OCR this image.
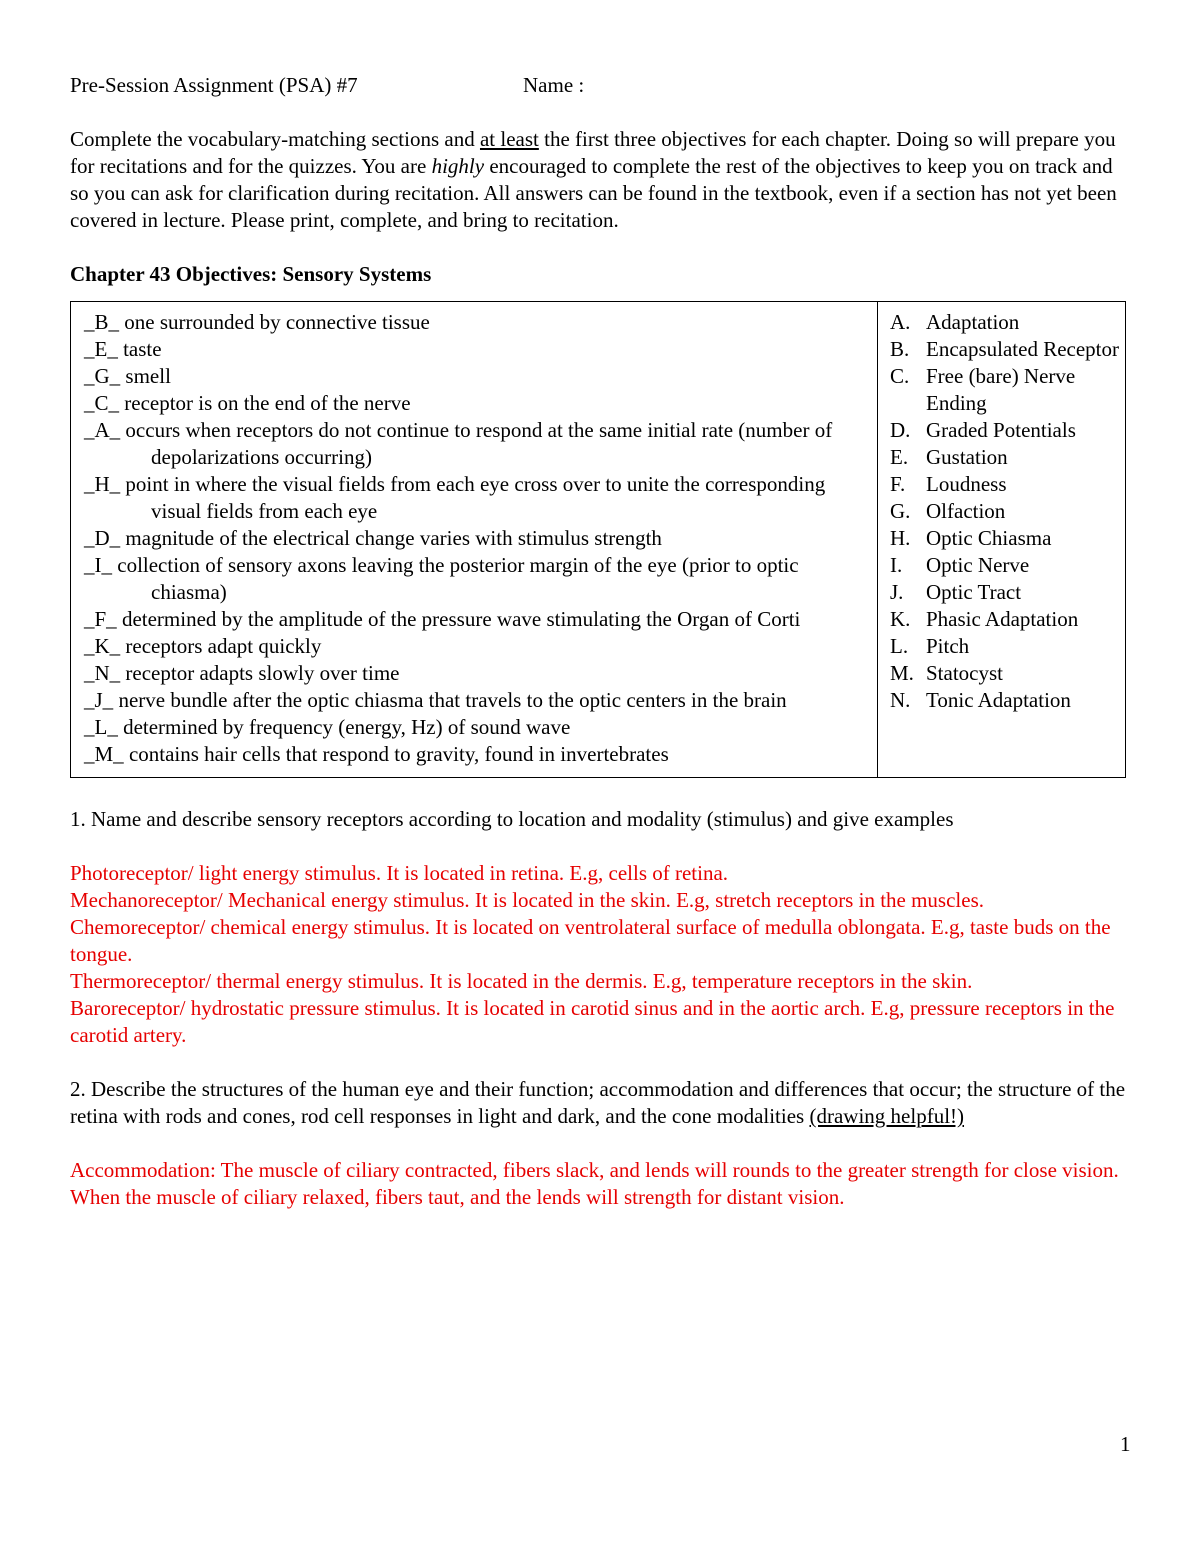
Pre-Session Assignment (PSA) #7	Name :

Complete the vocabulary-matching sections and at least the first three objectives for each chapter. Doing so will prepare you for recitations and for the quizzes. You are highly encouraged to complete the rest of the objectives to keep you on track and so you can ask for clarification during recitation. All answers can be found in the textbook, even if a section has not yet been covered in lecture. Please print, complete, and bring to recitation.

Chapter 43 Objectives: Sensory Systems

_B_ one surrounded by connective tissue

_E_ taste

_G_ smell

_C_ receptor is on the end of the nerve

_A_ occurs when receptors do not continue to respond at the same initial rate (number of depolarizations occurring)

_H_ point in where the visual fields from each eye cross over to unite the corresponding visual fields from each eye

_D_ magnitude of the electrical change varies with stimulus strength

_I_ collection of sensory axons leaving the posterior margin of the eye (prior to optic chiasma)

_F_ determined by the amplitude of the pressure wave stimulating the Organ of Corti

_K_ receptors adapt quickly

_N_ receptor adapts slowly over time

_J_ nerve bundle after the optic chiasma that travels to the optic centers in the brain

_L_ determined by frequency (energy, Hz) of sound wave

_M_ contains hair cells that respond to gravity, found in invertebrates

A. Adaptation

B. Encapsulated Receptor

C. Free (bare) Nerve Ending

D. Graded Potentials

E. Gustation

F. Loudness

G. Olfaction

H. Optic Chiasma

I. Optic Nerve

J. Optic Tract

K. Phasic Adaptation

L. Pitch

M. Statocyst

N. Tonic Adaptation

1. Name and describe sensory receptors according to location and modality (stimulus) and give examples

Photoreceptor/ light energy stimulus. It is located in retina. E.g, cells of retina.

Mechanoreceptor/ Mechanical energy stimulus. It is located in the skin. E.g, stretch receptors in the muscles.

Chemoreceptor/ chemical energy stimulus. It is located on ventrolateral surface of medulla oblongata. E.g, taste buds on the tongue.

Thermoreceptor/ thermal energy stimulus. It is located in the dermis. E.g, temperature receptors in the skin.

Baroreceptor/ hydrostatic pressure stimulus. It is located in carotid sinus and in the aortic arch. E.g, pressure receptors in the carotid artery.

2. Describe the structures of the human eye and their function; accommodation and differences that occur; the structure of the retina with rods and cones, rod cell responses in light and dark, and the cone modalities (drawing helpful!)

Accommodation: The muscle of ciliary contracted, fibers slack, and lends will rounds to the greater strength for close vision. When the muscle of ciliary relaxed, fibers taut, and the lends will strength for distant vision.

1
